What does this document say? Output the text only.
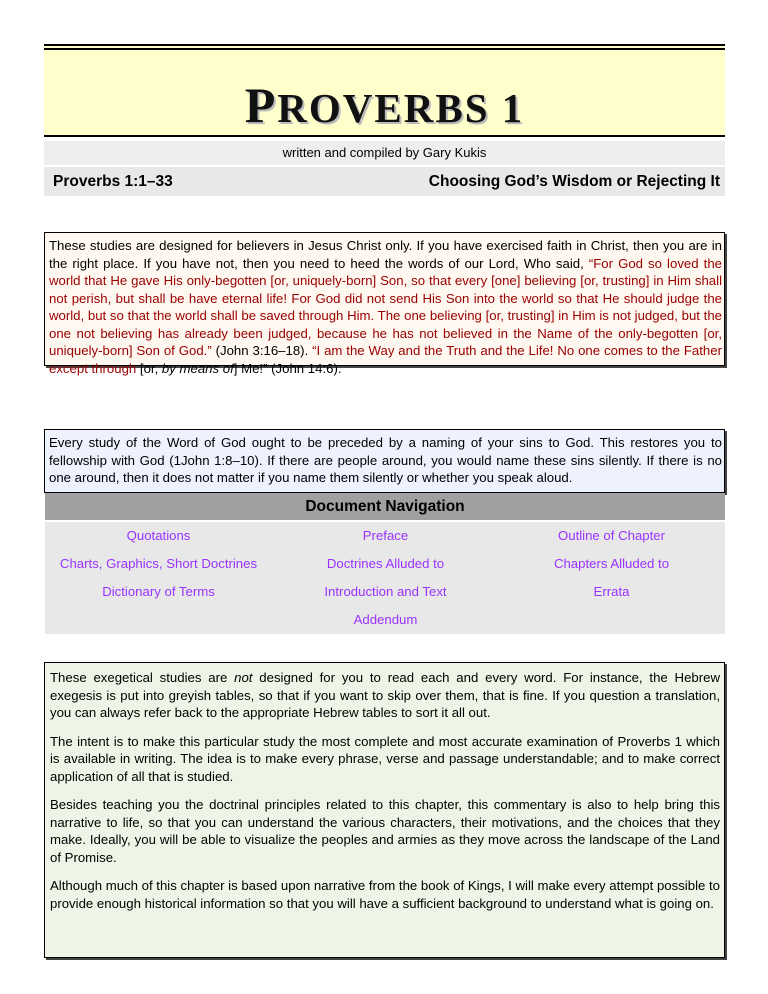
PROVERBS 1
written and compiled by Gary Kukis
Proverbs 1:1–33	Choosing God’s Wisdom or Rejecting It
These studies are designed for believers in Jesus Christ only. If you have exercised faith in Christ, then you are in the right place. If you have not, then you need to heed the words of our Lord, Who said, “For God so loved the world that He gave His only-begotten [or, uniquely-born] Son, so that every [one] believing [or, trusting] in Him shall not perish, but shall be have eternal life! For God did not send His Son into the world so that He should judge the world, but so that the world shall be saved through Him. The one believing [or, trusting] in Him is not judged, but the one not believing has already been judged, because he has not believed in the Name of the only-begotten [or, uniquely-born] Son of God.” (John 3:16–18). “I am the Way and the Truth and the Life! No one comes to the Father except through [or, by means of] Me!” (John 14:6).
Every study of the Word of God ought to be preceded by a naming of your sins to God. This restores you to fellowship with God (1John 1:8–10). If there are people around, you would name these sins silently. If there is no one around, then it does not matter if you name them silently or whether you speak aloud.
Document Navigation
Quotations	Preface	Outline of Chapter
Charts, Graphics, Short Doctrines	Doctrines Alluded to	Chapters Alluded to
Dictionary of Terms	Introduction and Text	Errata
Addendum

These exegetical studies are not designed for you to read each and every word. For instance, the Hebrew exegesis is put into greyish tables, so that if you want to skip over them, that is fine. If you question a translation, you can always refer back to the appropriate Hebrew tables to sort it all out.

The intent is to make this particular study the most complete and most accurate examination of Proverbs 1 which is available in writing. The idea is to make every phrase, verse and passage understandable; and to make correct application of all that is studied.

Besides teaching you the doctrinal principles related to this chapter, this commentary is also to help bring this narrative to life, so that you can understand the various characters, their motivations, and the choices that they make. Ideally, you will be able to visualize the peoples and armies as they move across the landscape of the Land of Promise.

Although much of this chapter is based upon narrative from the book of Kings, I will make every attempt possible to provide enough historical information so that you will have a sufficient background to understand what is going on.
